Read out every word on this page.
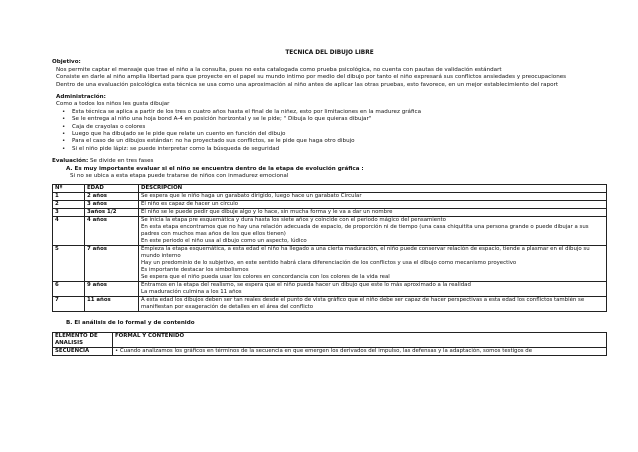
TECNICA DEL DIBUJO LIBRE

Objetivo:

Nos permite captar el mensaje que trae el niño a la consulta, pues no esta catalogada como prueba psicológica, no cuenta con pautas de validación estándart

Consiste en darle al niño amplia libertad para que proyecte en el papel su mundo intimo por medio del dibujo por tanto el niño expresará sus conflictos ansiedades y preocupaciones

Dentro de una evaluación psicológica esta técnica se usa como una aproximación al niño antes de aplicar las otras pruebas, esto favorece, en un mejor establecimiento del raport

Administración:

Como a todos los niños les gusta dibujar

• Esta técnica se aplica a partir de los tres o cuatro años hasta el final de la niñez, esto por limitaciones en la madurez gráfica
• Se le entrega al niño una hoja bond A-4 en posición horizontal y se le pide; " Dibuja lo que quieras dibujar"
• Caja de crayolas o colores
• Luego que ha dibujado se le pide que relate un cuento en función del dibujo
• Para el caso de un dibujos estándar: no ha proyectado sus conflictos, se le pide que haga otro dibujo
• Si el niño pide lápiz: se puede interpretar como la búsqueda de seguridad

Evaluación: Se divide en tres fases

A. Es muy importante evaluar si el niño se encuentra dentro de la etapa de evolución gráfica :

Si no se ubica a esta etapa puede tratarse de niños con inmadurez emocional

Nº	EDAD	DESCRIPCION
1	2 años	Se espera que le niño haga un garabato dirigido, luego hace un garabato Circular

2	3 años	El niño es capaz de hacer un círculo

3	3años 1/2	El niño se le puede pedir que dibuje algo y lo hace, sin mucha forma y le va a dar un nombre

4	4 años	Se inicia la etapa pre esquemática y dura hasta los siete años y coincide con el periodo mágico del pensamiento
En esta etapa encontramos que no hay una relación adecuada de espacio, de proporción ni de tiempo (una casa chiquitita una persona grande o puede dibujar a sus padres con muchos mas años de los que ellos tienen)
En este periodo el niño usa al dibujo como un aspecto, lúdico

5	7 años	Empieza la etapa esquemática, a esta edad el niño ha llegado a una cierta maduración, el niño puede conservar relación de espacio, tiende a plasmar en el dibujo su mundo interno
Hay un predominio de lo subjetivo, en este sentido habrá clara diferenciación de los conflictos y usa el dibujo como mecanismo proyectivo
Es importante destacar los simbolismos
Se espera que el niño pueda usar los colores en concordancia con los colores de la vida real

6	9 años	Entramos en la etapa del realismo, se espera que el niño pueda hacer un dibujo que este lo más aproximado a la realidad
La maduración culmina a los 11 años

7	11 años	A esta edad los dibujos deben ser tan reales desde el punto de vista gráfico que el niño debe ser capaz de hacer perspectivas a esta edad los conflictos también se manifiestan por exageración de detalles en el área del conflicto

B. El análisis de lo formal y de contenido

ELEMENTO DE ANALISIS	FORMAL Y CONTENIDO
SECUENCIA	• Cuando analizamos los gráficos en términos de la secuencia en que emergen los derivados del impulso, las defensas y la adaptación, somos testigos de
